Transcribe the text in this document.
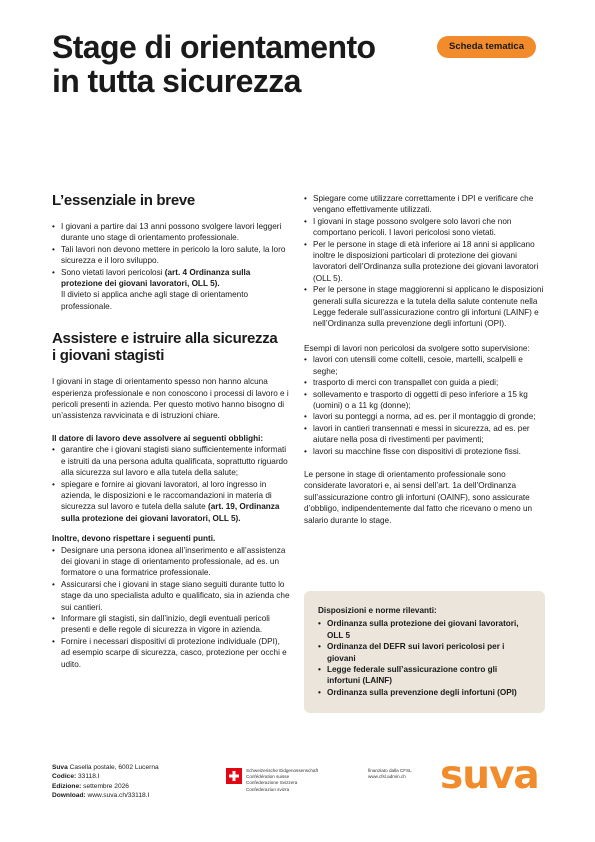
Stage di orientamento
in tutta sicurezza
Scheda tematica
L’essenziale in breve
• I giovani a partire dai 13 anni possono svolgere lavori leggeri durante uno stage di orientamento professionale.
• Tali lavori non devono mettere in pericolo la loro salute, la loro sicurezza e il loro sviluppo.
• Sono vietati lavori pericolosi (art. 4 Ordinanza sulla protezione dei giovani lavoratori, OLL 5).
Il divieto si applica anche agli stage di orientamento professionale.
Assistere e istruire alla sicurezza
i giovani stagisti

I giovani in stage di orientamento spesso non hanno alcuna esperienza professionale e non conoscono i processi di lavoro e i pericoli presenti in azienda. Per questo motivo hanno bisogno di un’assistenza ravvicinata e di istruzioni chiare.

Il datore di lavoro deve assolvere ai seguenti obblighi:

• garantire che i giovani stagisti siano sufficientemente informati e istruiti da una persona adulta qualificata, soprattutto riguardo alla sicurezza sul lavoro e alla tutela della salute;
• spiegare e fornire ai giovani lavoratori, al loro ingresso in azienda, le disposizioni e le raccomandazioni in materia di sicurezza sul lavoro e tutela della salute (art. 19, Ordinanza sulla protezione dei giovani lavoratori, OLL 5).

Inoltre, devono rispettare i seguenti punti.

• Designare una persona idonea all’inserimento e all’assistenza dei giovani in stage di orientamento professionale, ad es. un formatore o una formatrice professionale.
• Assicurarsi che i giovani in stage siano seguiti durante tutto lo stage da uno specialista adulto e qualificato, sia in azienda che sui cantieri.
• Informare gli stagisti, sin dall’inizio, degli eventuali pericoli presenti e delle regole di sicurezza in vigore in azienda.
• Fornire i necessari dispositivi di protezione individuale (DPI), ad esempio scarpe di sicurezza, casco, protezione per occhi e udito.
• Spiegare come utilizzare correttamente i DPI e verificare che vengano effettivamente utilizzati.
• I giovani in stage possono svolgere solo lavori che non comportano pericoli. I lavori pericolosi sono vietati.
• Per le persone in stage di età inferiore ai 18 anni si applicano inoltre le disposizioni particolari di protezione dei giovani lavoratori dell’Ordinanza sulla protezione dei giovani lavoratori (OLL 5).
• Per le persone in stage maggiorenni si applicano le disposizioni generali sulla sicurezza e la tutela della salute contenute nella Legge federale sull’assicurazione contro gli infortuni (LAINF) e nell’Ordinanza sulla prevenzione degli infortuni (OPI).

Esempi di lavori non pericolosi da svolgere sotto supervisione:

• lavori con utensili come coltelli, cesoie, martelli, scalpelli e seghe;
• trasporto di merci con transpallet con guida a piedi;
• sollevamento e trasporto di oggetti di peso inferiore a 15 kg (uomini) o a 11 kg (donne);
• lavori su ponteggi a norma, ad es. per il montaggio di gronde;
• lavori in cantieri transennati e messi in sicurezza, ad es. per aiutare nella posa di rivestimenti per pavimenti;
• lavori su macchine fisse con dispositivi di protezione fissi.

Le persone in stage di orientamento professionale sono considerate lavoratori e, ai sensi dell’art. 1a dell’Ordinanza sull’assicurazione contro gli infortuni (OAINF), sono assicurate d’obbligo, indipendentemente dal fatto che ricevano o meno un salario durante lo stage.

Disposizioni e norme rilevanti:

• Ordinanza sulla protezione dei giovani lavoratori, OLL 5
• Ordinanza del DEFR sui lavori pericolosi per i giovani
• Legge federale sull’assicurazione contro gli infortuni (LAINF)
• Ordinanza sulla prevenzione degli infortuni (OPI)
Suva Casella postale, 6002 Lucerna
Codice: 33118.I
Edizione: settembre 2026
Download: www.suva.ch/33118.I
Schweizerische Eidgenossenschaft
Confédération suisse
Confederazione Svizzera
Confederaziun svizra
finanziato dalla CFSL
www.cfsl.admin.ch suva
